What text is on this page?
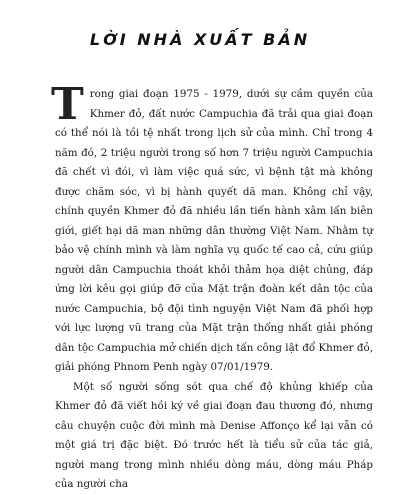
LỜI NHÀ XUẤT BẢN

Trong giai đoạn 1975 - 1979, dưới sự cầm quyền của Khmer đỏ, đất nước Campuchia đã trải qua giai đoạn có thể nói là tồi tệ nhất trong lịch sử của mình. Chỉ trong 4 năm đó, 2 triệu người trong số hơn 7 triệu người Campuchia đã chết vì đói, vì làm việc quá sức, vì bệnh tật mà không được chăm sóc, vì bị hành quyết dã man. Không chỉ vậy, chính quyền Khmer đỏ đã nhiều lần tiến hành xâm lấn biên giới, giết hại dã man những dân thường Việt Nam. Nhằm tự bảo vệ chính mình và làm nghĩa vụ quốc tế cao cả, cứu giúp người dân Campuchia thoát khỏi thảm họa diệt chủng, đáp ứng lời kêu gọi giúp đỡ của Mặt trận đoàn kết dân tộc của nước Campuchia, bộ đội tình nguyện Việt Nam đã phối hợp với lực lượng vũ trang của Mặt trận thống nhất giải phóng dân tộc Campuchia mở chiến dịch tấn công lật đổ Khmer đỏ, giải phóng Phnom Penh ngày 07/01/1979.

Một số người sống sót qua chế độ khủng khiếp của Khmer đỏ đã viết hồi ký về giai đoạn đau thương đó, nhưng câu chuyện cuộc đời mình mà Denise Affonço kể lại vẫn có một giá trị đặc biệt. Đó trước hết là tiểu sử của tác giả, người mang trong mình nhiều dòng máu, dòng máu Pháp của người cha
